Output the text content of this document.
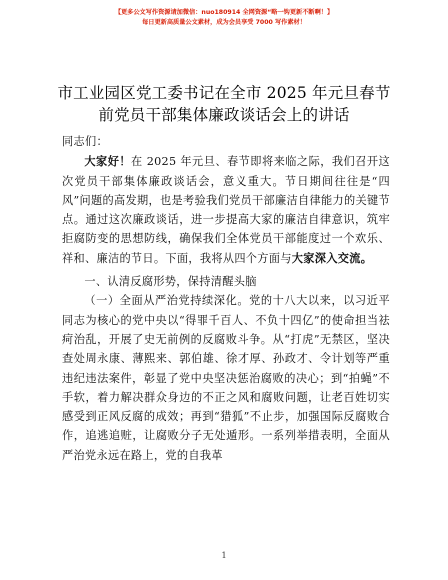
【更多公文写作资源请加微信：nuo180914 全网资源“略一钩更新不断啊！】
每日更新高质量公文素材，成为会员享受 7000 写作素材！
市工业园区党工委书记在全市 2025 年元旦春节
前党员干部集体廉政谈话会上的讲话

同志们：

大家好！在 2025 年元旦、春节即将来临之际，我们召开这次党员干部集体廉政谈话会，意义重大。节日期间往往是“四风”问题的高发期，也是考验我们党员干部廉洁自律能力的关键节点。通过这次廉政谈话，进一步提高大家的廉洁自律意识，筑牢拒腐防变的思想防线，确保我们全体党员干部能度过一个欢乐、祥和、廉洁的节日。下面，我将从四个方面与大家深入交流。

一、认清反腐形势，保持清醒头脑

（一）全面从严治党持续深化。党的十八大以来，以习近平同志为核心的党中央以“得罪千百人、不负十四亿”的使命担当祛疴治乱，开展了史无前例的反腐败斗争。从“打虎”无禁区，坚决查处周永康、薄熙来、郭伯雄、徐才厚、孙政才、令计划等严重违纪违法案件，彰显了党中央坚决惩治腐败的决心；到“拍蝇”不手软，着力解决群众身边的不正之风和腐败问题，让老百姓切实感受到正风反腐的成效；再到“猎狐”不止步，加强国际反腐败合作，追逃追赃，让腐败分子无处遁形。一系列举措表明，全面从严治党永远在路上，党的自我革

1
